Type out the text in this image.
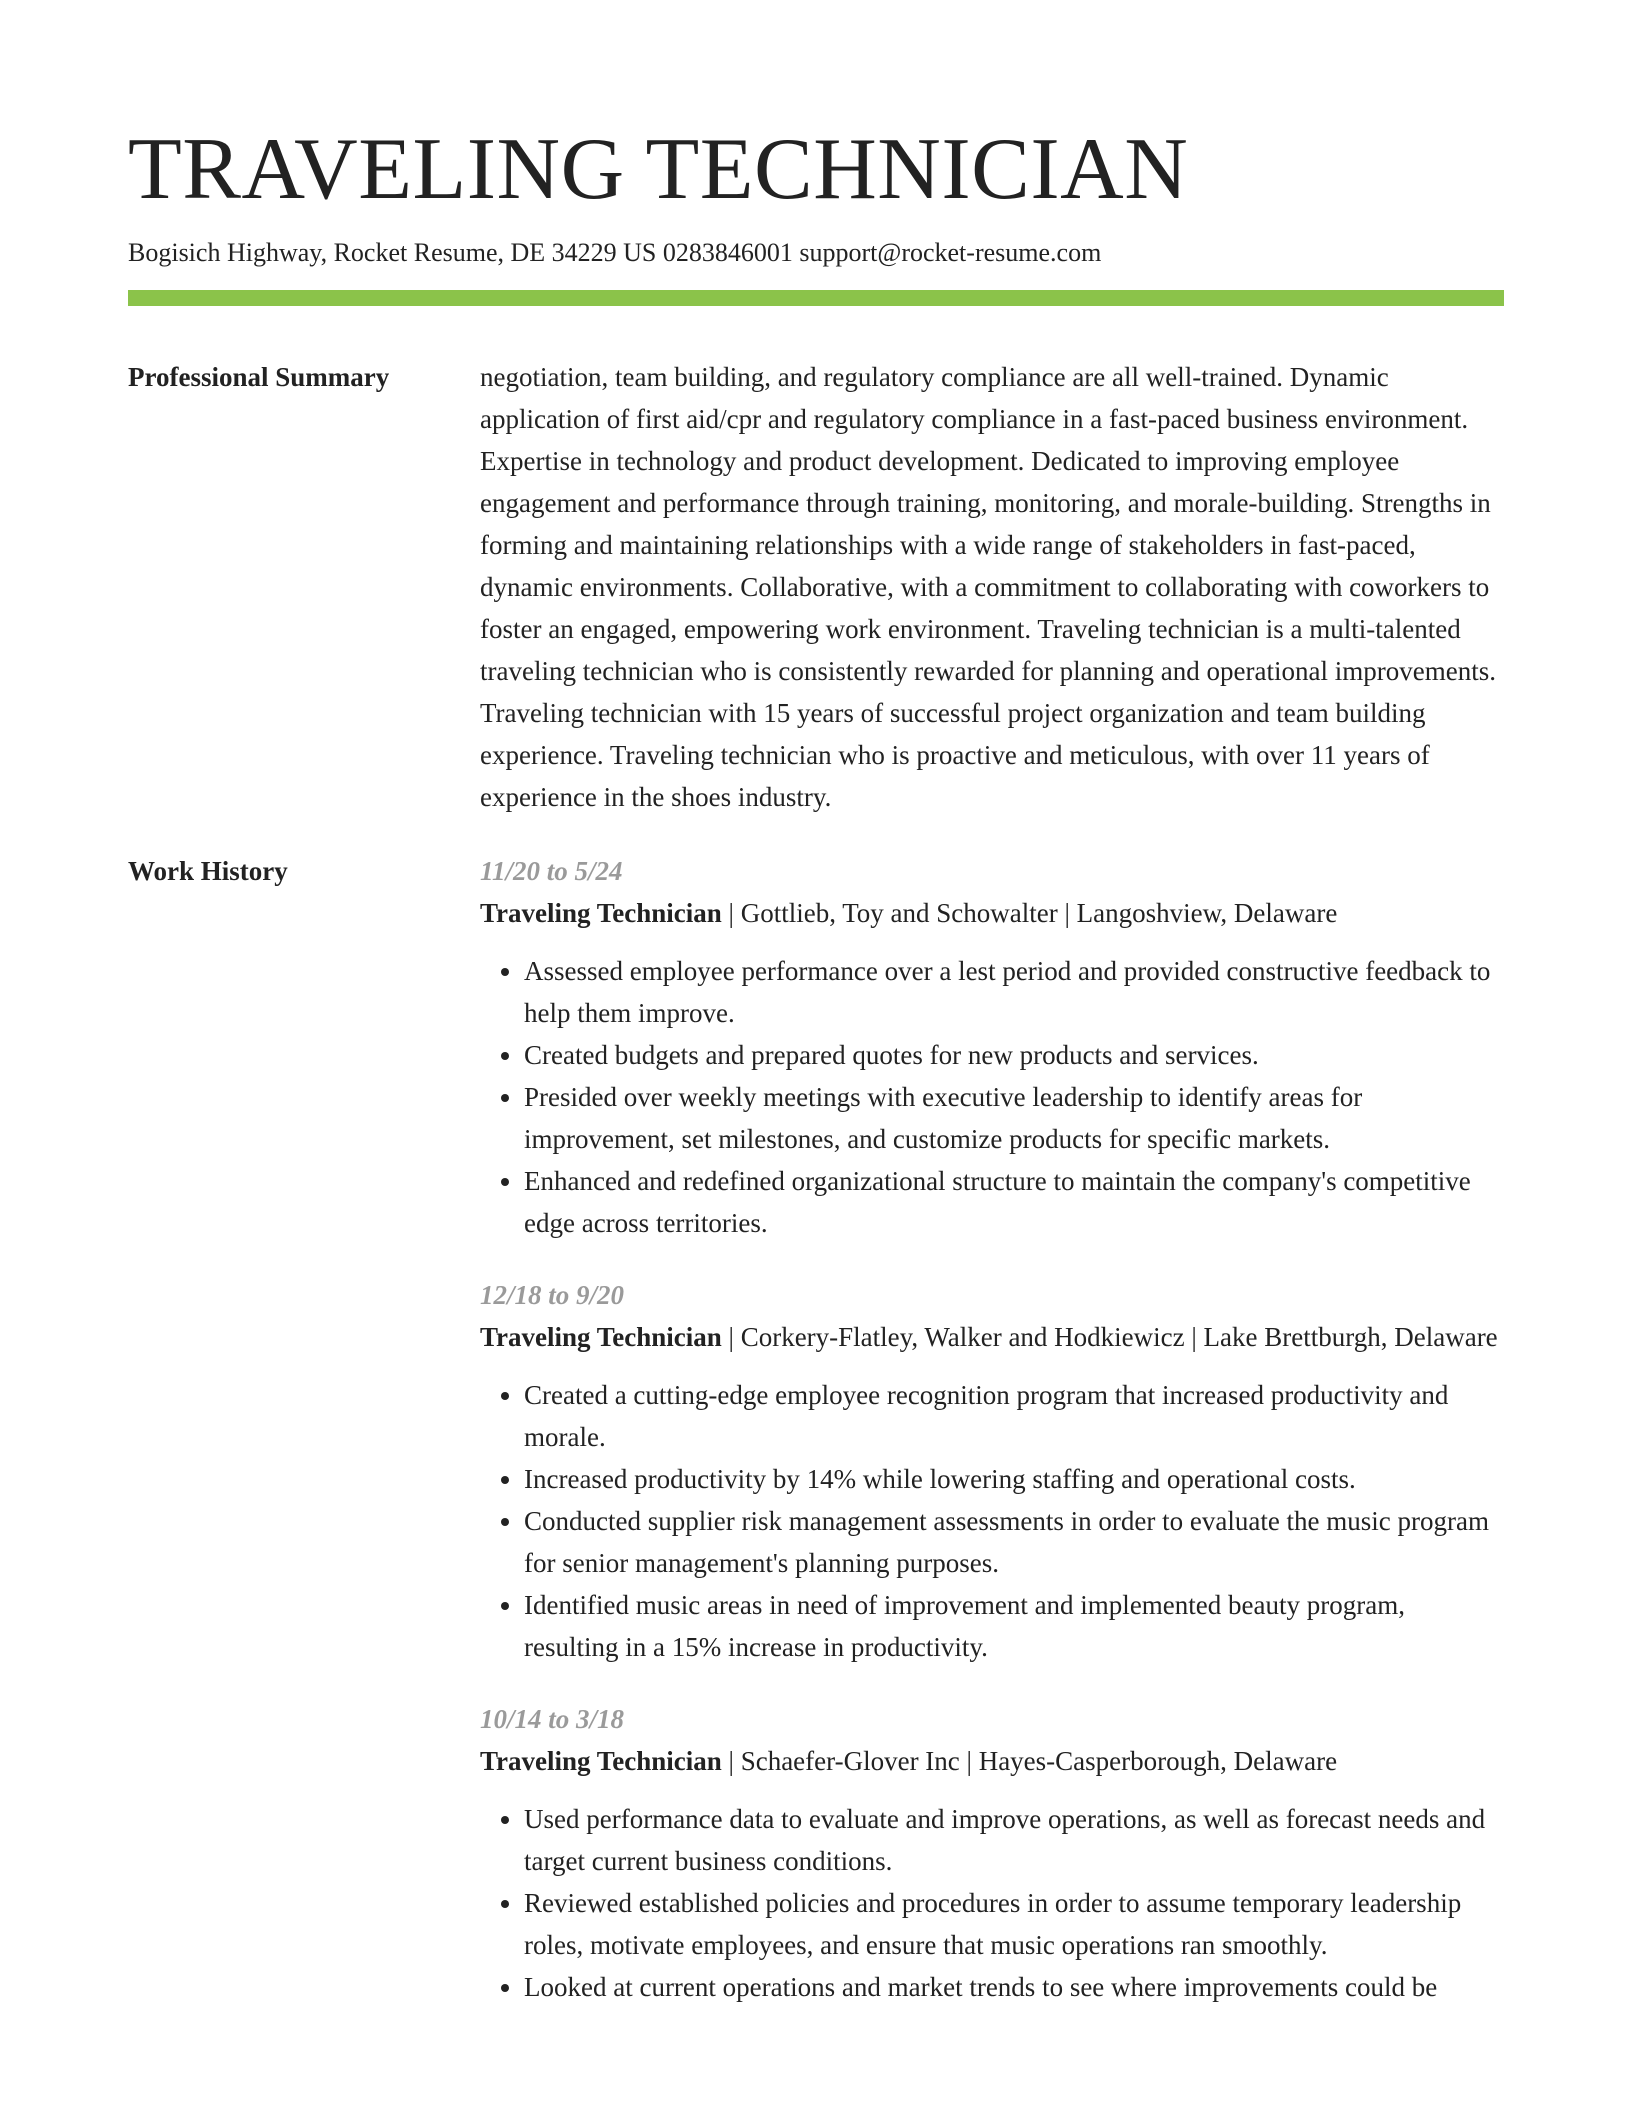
TRAVELING TECHNICIAN
Bogisich Highway, Rocket Resume, DE 34229 US 0283846001 support@rocket-resume.com
Professional Summary	negotiation, team building, and regulatory compliance are all well-trained. Dynamic application of first aid/cpr and regulatory compliance in a fast-paced business environment. Expertise in technology and product development. Dedicated to improving employee engagement and performance through training, monitoring, and morale-building. Strengths in forming and maintaining relationships with a wide range of stakeholders in fast-paced, dynamic environments. Collaborative, with a commitment to collaborating with coworkers to foster an engaged, empowering work environment. Traveling technician is a multi-talented traveling technician who is consistently rewarded for planning and operational improvements. Traveling technician with 15 years of successful project organization and team building experience. Traveling technician who is proactive and meticulous, with over 11 years of experience in the shoes industry.

Work History	11/20 to 5/24
Traveling Technician | Gottlieb, Toy and Schowalter | Langoshview, Delaware
• Assessed employee performance over a lest period and provided constructive feedback to help them improve.
• Created budgets and prepared quotes for new products and services.
• Presided over weekly meetings with executive leadership to identify areas for improvement, set milestones, and customize products for specific markets.
• Enhanced and redefined organizational structure to maintain the company's competitive edge across territories.
12/18 to 9/20
Traveling Technician | Corkery-Flatley, Walker and Hodkiewicz | Lake Brettburgh, Delaware
• Created a cutting-edge employee recognition program that increased productivity and morale.
• Increased productivity by 14% while lowering staffing and operational costs.
• Conducted supplier risk management assessments in order to evaluate the music program for senior management's planning purposes.
• Identified music areas in need of improvement and implemented beauty program, resulting in a 15% increase in productivity.
10/14 to 3/18
Traveling Technician | Schaefer-Glover Inc | Hayes-Casperborough, Delaware
• Used performance data to evaluate and improve operations, as well as forecast needs and target current business conditions.
• Reviewed established policies and procedures in order to assume temporary leadership roles, motivate employees, and ensure that music operations ran smoothly.
• Looked at current operations and market trends to see where improvements could be
